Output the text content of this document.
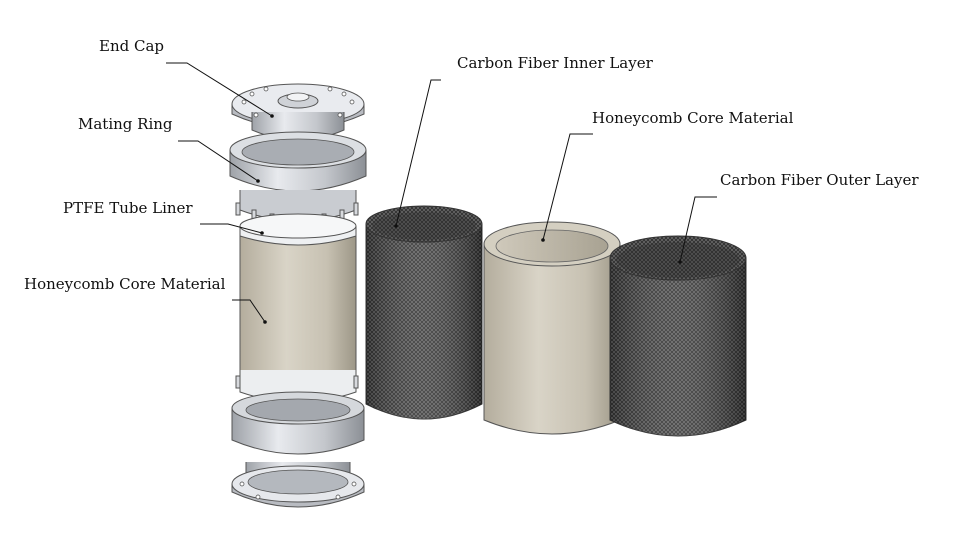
End Cap
Mating Ring
PTFE Tube Liner
Honeycomb Core Material
Carbon Fiber Inner Layer
Honeycomb Core Material
Carbon Fiber Outer Layer
